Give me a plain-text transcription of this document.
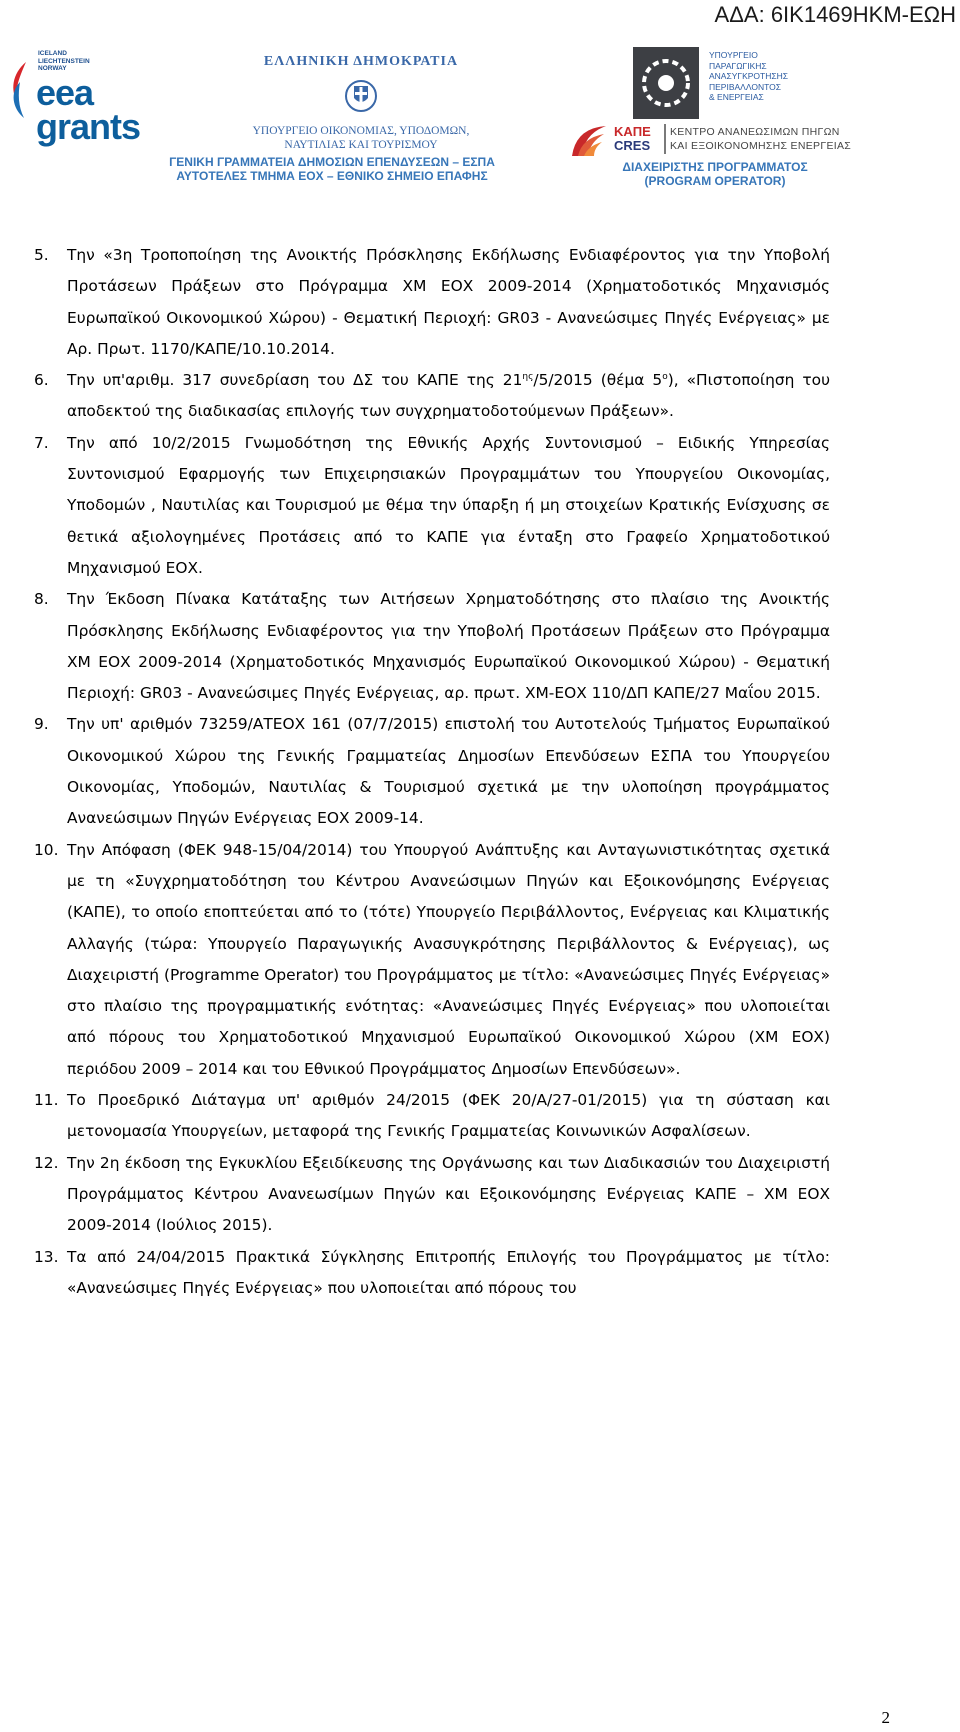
ΑΔΑ: 6ΙΚ1469ΗΚΜ-ΕΩΗ
ICELAND
LIECHTENSTEIN
NORWAY
eea
grants
ΕΛΛΗΝΙΚΗ ΔΗΜΟΚΡΑΤΙΑ
ΥΠΟΥΡΓΕΙΟ ΟΙΚΟΝΟΜΙΑΣ, ΥΠΟΔΟΜΩΝ,
ΝΑΥΤΙΛΙΑΣ ΚΑΙ ΤΟΥΡΙΣΜΟΥ
ΓΕΝΙΚΗ ΓΡΑΜΜΑΤΕΙΑ ΔΗΜΟΣΙΩΝ ΕΠΕΝΔΥΣΕΩΝ – ΕΣΠΑ
ΑΥΤΟΤΕΛΕΣ ΤΜΗΜΑ ΕΟΧ – ΕΘΝΙΚΟ ΣΗΜΕΙΟ ΕΠΑΦΗΣ
ΥΠΟΥΡΓΕΙΟ
ΠΑΡΑΓΩΓΙΚΗΣ
ΑΝΑΣΥΓΚΡΟΤΗΣΗΣ
ΠΕΡΙΒΑΛΛΟΝΤΟΣ
& ΕΝΕΡΓΕΙΑΣ
ΚΑΠΕ
CRES
ΚΕΝΤΡΟ ΑΝΑΝΕΩΣΙΜΩΝ ΠΗΓΩΝ
ΚΑΙ ΕΞΟΙΚΟΝΟΜΗΣΗΣ ΕΝΕΡΓΕΙΑΣ
ΔΙΑΧΕΙΡΙΣΤΗΣ ΠΡΟΓΡΑΜΜΑΤΟΣ
(PROGRAM OPERATOR)
5.	Την «3η Τροποποίηση της Ανοικτής Πρόσκλησης Εκδήλωσης Ενδιαφέροντος για την Υποβολή Προτάσεων Πράξεων στο Πρόγραμμα ΧΜ ΕΟΧ 2009-2014 (Χρηματοδοτικός Μηχανισμός Ευρωπαϊκού Οικονομικού Χώρου) - Θεματική Περιοχή: GR03 - Ανανεώσιμες Πηγές Ενέργειας» με Αρ. Πρωτ. 1170/ΚΑΠΕ/10.10.2014.
6.	Την υπ'αριθμ. 317 συνεδρίαση του ΔΣ του ΚΑΠΕ της $21^{\eta\varsigma}/5/2015$ (θέμα $5^o$), «Πιστοποίηση του αποδεκτού της διαδικασίας επιλογής των συγχρηματοδοτούμενων Πράξεων».
7.	Την από 10/2/2015 Γνωμοδότηση της Εθνικής Αρχής Συντονισμού – Ειδικής Υπηρεσίας Συντονισμού Εφαρμογής των Επιχειρησιακών Προγραμμάτων του Υπουργείου Οικονομίας, Υποδομών , Ναυτιλίας και Τουρισμού με θέμα την ύπαρξη ή μη στοιχείων Κρατικής Ενίσχυσης σε θετικά αξιολογημένες Προτάσεις από το ΚΑΠΕ για ένταξη στο Γραφείο Χρηματοδοτικού Μηχανισμού ΕΟΧ.
8.	Την Έκδοση Πίνακα Κατάταξης των Αιτήσεων Χρηματοδότησης στο πλαίσιο της Ανοικτής Πρόσκλησης Εκδήλωσης Ενδιαφέροντος για την Υποβολή Προτάσεων Πράξεων στο Πρόγραμμα ΧΜ ΕΟΧ 2009-2014 (Χρηματοδοτικός Μηχανισμός Ευρωπαϊκού Οικονομικού Χώρου) - Θεματική Περιοχή: GR03 - Ανανεώσιμες Πηγές Ενέργειας, αρ. πρωτ. ΧΜ-ΕΟΧ 110/ΔΠ ΚΑΠΕ/27 Μαΐου 2015.
9.	Την υπ' αριθμόν 73259/ΑΤΕΟΧ 161 (07/7/2015) επιστολή του Αυτοτελούς Τμήματος Ευρωπαϊκού Οικονομικού Χώρου της Γενικής Γραμματείας Δημοσίων Επενδύσεων ΕΣΠΑ του Υπουργείου Οικονομίας, Υποδομών, Ναυτιλίας & Τουρισμού σχετικά με την υλοποίηση προγράμματος Ανανεώσιμων Πηγών Ενέργειας ΕΟΧ 2009-14.
10. Την Απόφαση (ΦΕΚ 948-15/04/2014) του Υπουργού Ανάπτυξης και Ανταγωνιστικότητας σχετικά με τη «Συγχρηματοδότηση του Κέντρου Ανανεώσιμων Πηγών και Εξοικονόμησης Ενέργειας (ΚΑΠΕ), το οποίο εποπτεύεται από το (τότε) Υπουργείο Περιβάλλοντος, Ενέργειας και Κλιματικής Αλλαγής (τώρα: Υπουργείο Παραγωγικής Ανασυγκρότησης Περιβάλλοντος & Ενέργειας), ως Διαχειριστή (Programme Operator) του Προγράμματος με τίτλο: «Ανανεώσιμες Πηγές Ενέργειας» στο πλαίσιο της προγραμματικής ενότητας: «Ανανεώσιμες Πηγές Ενέργειας» που υλοποιείται από πόρους του Χρηματοδοτικού Μηχανισμού Ευρωπαϊκού Οικονομικού Χώρου (ΧΜ ΕΟΧ) περιόδου 2009 – 2014 και του Εθνικού Προγράμματος Δημοσίων Επενδύσεων».
11. Το Προεδρικό Διάταγμα υπ' αριθμόν 24/2015 (ΦΕΚ 20/Α/27-01/2015) για τη σύσταση και μετονομασία Υπουργείων, μεταφορά της Γενικής Γραμματείας Κοινωνικών Ασφαλίσεων.
12. Την 2η έκδοση της Εγκυκλίου Εξειδίκευσης της Οργάνωσης και των Διαδικασιών του Διαχειριστή Προγράμματος Κέντρου Ανανεωσίμων Πηγών και Εξοικονόμησης Ενέργειας ΚΑΠΕ – ΧΜ ΕΟΧ 2009-2014 (Ιούλιος 2015).
13. Τα από 24/04/2015 Πρακτικά Σύγκλησης Επιτροπής Επιλογής του Προγράμματος με τίτλο: «Ανανεώσιμες Πηγές Ενέργειας» που υλοποιείται από πόρους του
2
